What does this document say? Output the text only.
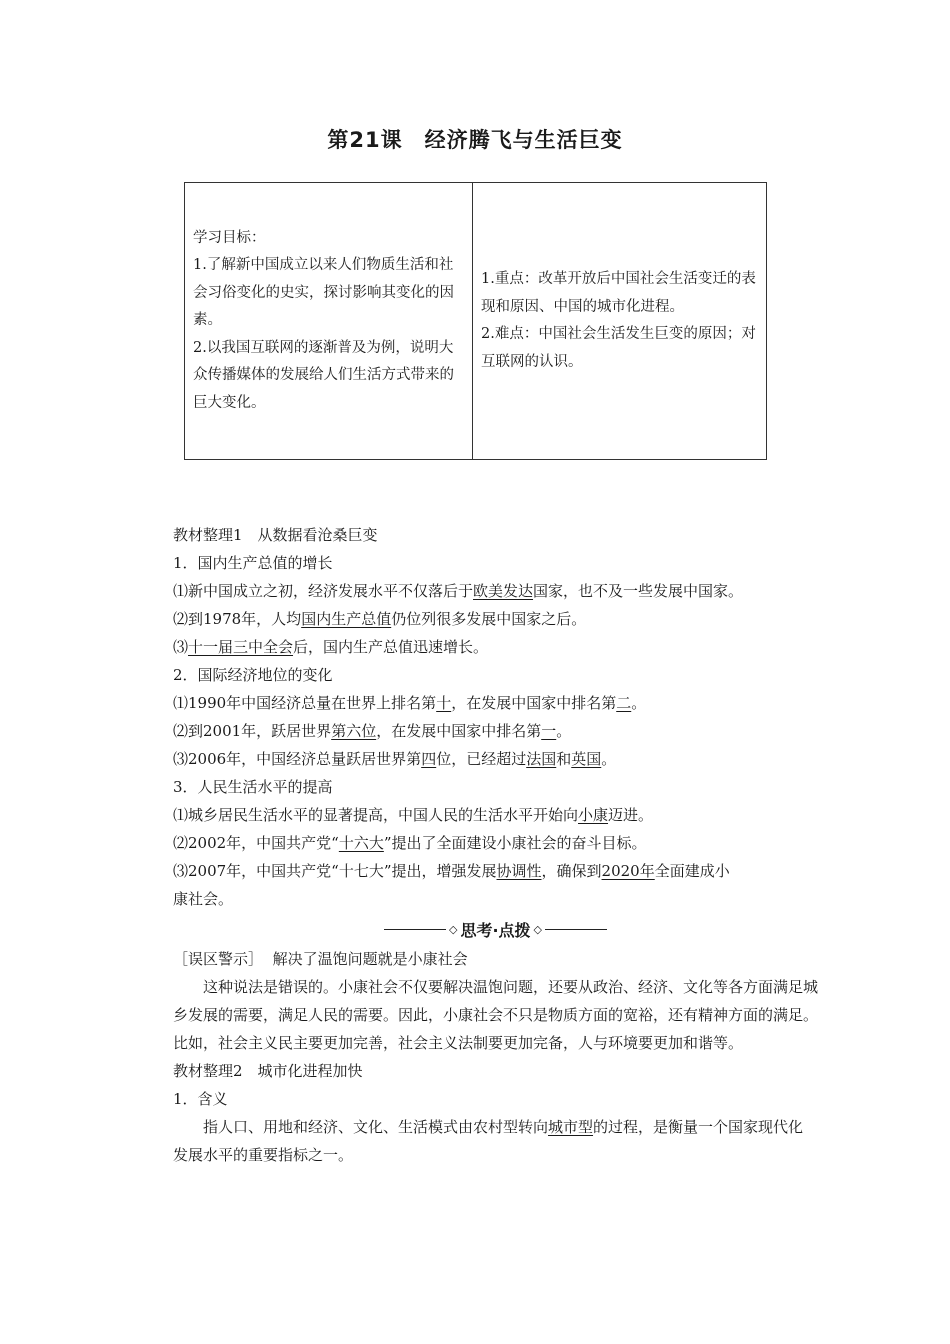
第21课 经济腾飞与生活巨变

学习目标：

1.了解新中国成立以来人们物质生活和社会习俗变化的史实，探讨影响其变化的因素。

2.以我国互联网的逐渐普及为例，说明大众传播媒体的发展给人们生活方式带来的巨大变化。

1.重点：改革开放后中国社会生活变迁的表现和原因、中国的城市化进程。

2.难点：中国社会生活发生巨变的原因；对互联网的认识。

教材整理1　从数据看沧桑巨变

1．国内生产总值的增长

⑴新中国成立之初，经济发展水平不仅落后于欧美发达国家，也不及一些发展中国家。

⑵到1978年，人均国内生产总值仍位列很多发展中国家之后。

⑶十一届三中全会后，国内生产总值迅速增长。

2．国际经济地位的变化

⑴1990年中国经济总量在世界上排名第十，在发展中国家中排名第二。

⑵到2001年，跃居世界第六位，在发展中国家中排名第一。

⑶2006年，中国经济总量跃居世界第四位，已经超过法国和英国。

3．人民生活水平的提高

⑴城乡居民生活水平的显著提高，中国人民的生活水平开始向小康迈进。

⑵2002年，中国共产党“十六大”提出了全面建设小康社会的奋斗目标。

⑶2007年，中国共产党“十七大”提出，增强发展协调性，确保到2020年全面建成小

康社会。

◇ 思考·点拨 ◇

［误区警示］ 解决了温饱问题就是小康社会

这种说法是错误的。小康社会不仅要解决温饱问题，还要从政治、经济、文化等各方面满足城乡发展的需要，满足人民的需要。因此，小康社会不只是物质方面的宽裕，还有精神方面的满足。比如，社会主义民主要更加完善，社会主义法制要更加完备，人与环境要更加和谐等。

教材整理2　城市化进程加快

1．含义

指人口、用地和经济、文化、生活模式由农村型转向城市型的过程，是衡量一个国家现代化发展水平的重要指标之一。
